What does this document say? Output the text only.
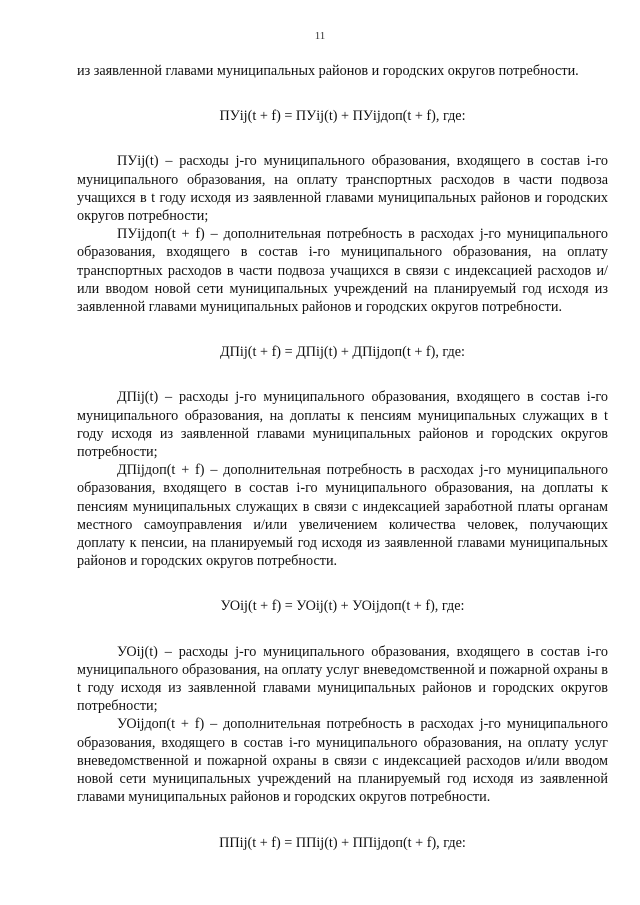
11

из заявленной главами муниципальных районов и городских округов потребности.

ПУij(t + f) = ПУij(t) + ПУijдоп(t + f), где:

ПУij(t) – расходы j-го муниципального образования, входящего в состав i-го муниципального образования, на оплату транспортных расходов в части подвоза учащихся в t году исходя из заявленной главами муниципальных районов и городских округов потребности;

ПУijдоп(t + f) – дополнительная потребность в расходах j-го муниципального образования, входящего в состав i-го муниципального образования, на оплату транспортных расходов в части подвоза учащихся в связи с индексацией расходов и/или вводом новой сети муниципальных учреждений на планируемый год исходя из заявленной главами муниципальных районов и городских округов потребности.

ДПij(t + f) = ДПij(t) + ДПijдоп(t + f), где:

ДПij(t) – расходы j-го муниципального образования, входящего в состав i-го муниципального образования, на доплаты к пенсиям муниципальных служащих в t году исходя из заявленной главами муниципальных районов и городских округов потребности;

ДПijдоп(t + f) – дополнительная потребность в расходах j-го муниципального образования, входящего в состав i-го муниципального образования, на доплаты к пенсиям муниципальных служащих в связи с индексацией заработной платы органам местного самоуправления и/или увеличением количества человек, получающих доплату к пенсии, на планируемый год исходя из заявленной главами муниципальных районов и городских округов потребности.

УОij(t + f) = УОij(t) + УОijдоп(t + f), где:

УОij(t) – расходы j-го муниципального образования, входящего в состав i-го муниципального образования, на оплату услуг вневедомственной и пожарной охраны в t году исходя из заявленной главами муниципальных районов и городских округов потребности;

УОijдоп(t + f) – дополнительная потребность в расходах j-го муниципального образования, входящего в состав i-го муниципального образования, на оплату услуг вневедомственной и пожарной охраны в связи с индексацией расходов и/или вводом новой сети муниципальных учреждений на планируемый год исходя из заявленной главами муниципальных районов и городских округов потребности.

ППij(t + f) = ППij(t) + ППijдоп(t + f), где:
